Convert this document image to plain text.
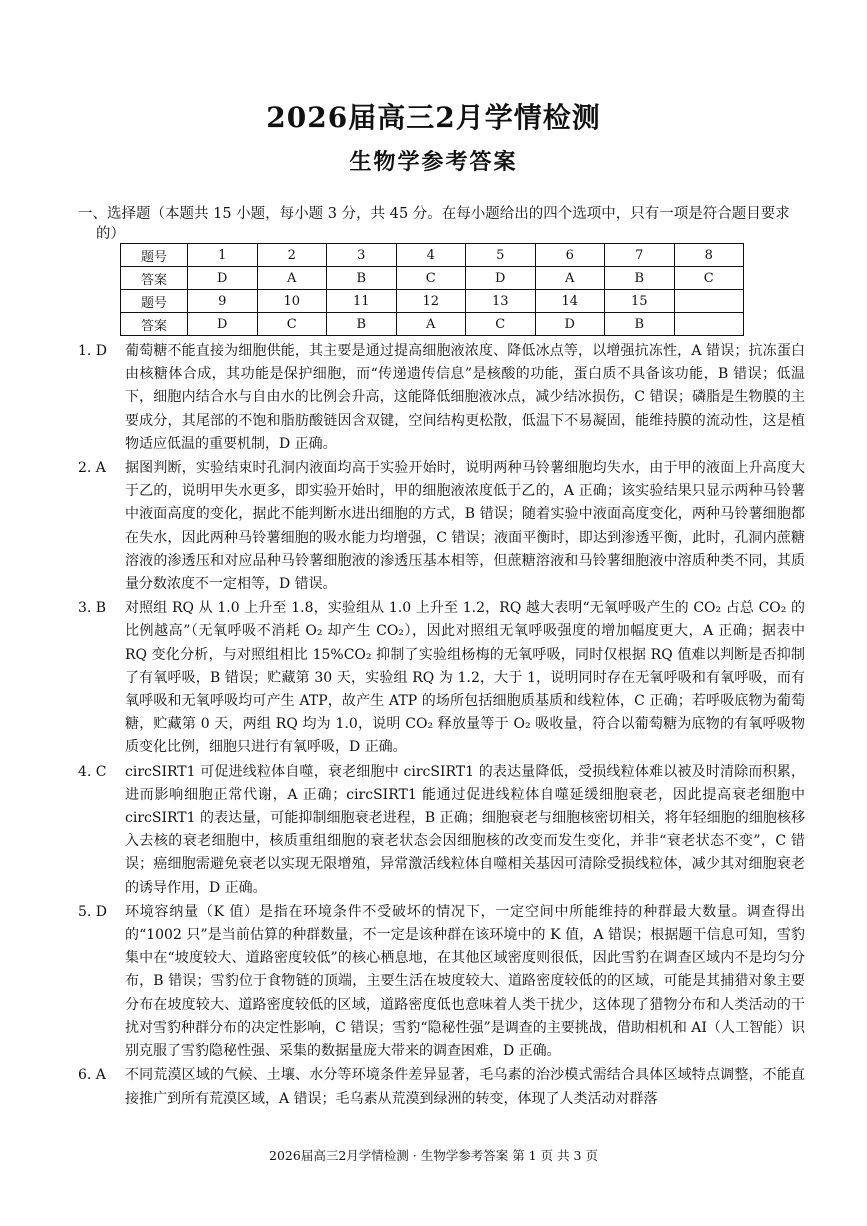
2026届高三2月学情检测
生物学参考答案
一、选择题（本题共 15 小题，每小题 3 分，共 45 分。在每小题给出的四个选项中，只有一项是符合题目要求的）
题号	1	2	3	4	5	6	7	8
答案	D	A	B	C	D	A	B	C
题号	9	10	11	12	13	14	15	
答案	D	C	B	A	C	D	B	
1. D	葡萄糖不能直接为细胞供能，其主要是通过提高细胞液浓度、降低冰点等，以增强抗冻性，A 错误；抗冻蛋白由核糖体合成，其功能是保护细胞，而“传递遗传信息”是核酸的功能，蛋白质不具备该功能，B 错误；低温下，细胞内结合水与自由水的比例会升高，这能降低细胞液冰点，减少结冰损伤，C 错误；磷脂是生物膜的主要成分，其尾部的不饱和脂肪酸链因含双键，空间结构更松散，低温下不易凝固，能维持膜的流动性，这是植物适应低温的重要机制，D 正确。
2. A	据图判断，实验结束时孔洞内液面均高于实验开始时，说明两种马铃薯细胞均失水，由于甲的液面上升高度大于乙的，说明甲失水更多，即实验开始时，甲的细胞液浓度低于乙的，A 正确；该实验结果只显示两种马铃薯中液面高度的变化，据此不能判断水进出细胞的方式，B 错误；随着实验中液面高度变化，两种马铃薯细胞都在失水，因此两种马铃薯细胞的吸水能力均增强，C 错误；液面平衡时，即达到渗透平衡，此时，孔洞内蔗糖溶液的渗透压和对应品种马铃薯细胞液的渗透压基本相等，但蔗糖溶液和马铃薯细胞液中溶质种类不同，其质量分数浓度不一定相等，D 错误。
3. B	对照组 RQ 从 1.0 上升至 1.8，实验组从 1.0 上升至 1.2，RQ 越大表明“无氧呼吸产生的 CO₂ 占总 CO₂ 的比例越高”（无氧呼吸不消耗 O₂ 却产生 CO₂），因此对照组无氧呼吸强度的增加幅度更大，A 正确；据表中 RQ 变化分析，与对照组相比 15%CO₂ 抑制了实验组杨梅的无氧呼吸，同时仅根据 RQ 值难以判断是否抑制了有氧呼吸，B 错误；贮藏第 30 天，实验组 RQ 为 1.2，大于 1，说明同时存在无氧呼吸和有氧呼吸，而有氧呼吸和无氧呼吸均可产生 ATP，故产生 ATP 的场所包括细胞质基质和线粒体，C 正确；若呼吸底物为葡萄糖，贮藏第 0 天，两组 RQ 均为 1.0，说明 CO₂ 释放量等于 O₂ 吸收量，符合以葡萄糖为底物的有氧呼吸物质变化比例，细胞只进行有氧呼吸，D 正确。
4. C	circSIRT1 可促进线粒体自噬，衰老细胞中 circSIRT1 的表达量降低，受损线粒体难以被及时清除而积累，进而影响细胞正常代谢，A 正确；circSIRT1 能通过促进线粒体自噬延缓细胞衰老，因此提高衰老细胞中 circSIRT1 的表达量，可能抑制细胞衰老进程，B 正确；细胞衰老与细胞核密切相关，将年轻细胞的细胞核移入去核的衰老细胞中，核质重组细胞的衰老状态会因细胞核的改变而发生变化，并非“衰老状态不变”，C 错误；癌细胞需避免衰老以实现无限增殖，异常激活线粒体自噬相关基因可清除受损线粒体，减少其对细胞衰老的诱导作用，D 正确。
5. D	环境容纳量（K 值）是指在环境条件不受破坏的情况下，一定空间中所能维持的种群最大数量。调查得出的“1002 只”是当前估算的种群数量，不一定是该种群在该环境中的 K 值，A 错误；根据题干信息可知，雪豹集中在“坡度较大、道路密度较低”的核心栖息地，在其他区域密度则很低，因此雪豹在调查区域内不是均匀分布，B 错误；雪豹位于食物链的顶端，主要生活在坡度较大、道路密度较低的的区域，可能是其捕猎对象主要分布在坡度较大、道路密度较低的区域，道路密度低也意味着人类干扰少，这体现了猎物分布和人类活动的干扰对雪豹种群分布的决定性影响，C 错误；雪豹“隐秘性强”是调查的主要挑战，借助相机和 AI（人工智能）识别克服了雪豹隐秘性强、采集的数据量庞大带来的调查困难，D 正确。
6. A	不同荒漠区域的气候、土壤、水分等环境条件差异显著，毛乌素的治沙模式需结合具体区域特点调整，不能直接推广到所有荒漠区域，A 错误；毛乌素从荒漠到绿洲的转变，体现了人类活动对群落
2026届高三2月学情检测 · 生物学参考答案 第 1 页 共 3 页
